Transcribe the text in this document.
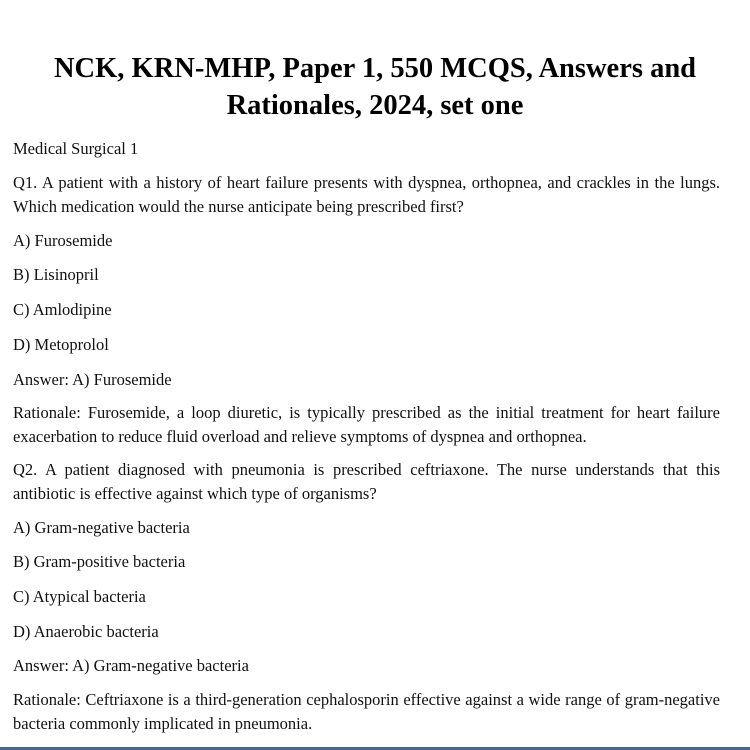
NCK, KRN-MHP, Paper 1, 550 MCQS, Answers and
Rationales, 2024, set one

Medical Surgical 1

Q1. A patient with a history of heart failure presents with dyspnea, orthopnea, and crackles in the lungs. Which medication would the nurse anticipate being prescribed first?

A) Furosemide

B) Lisinopril

C) Amlodipine

D) Metoprolol

Answer: A) Furosemide

Rationale: Furosemide, a loop diuretic, is typically prescribed as the initial treatment for heart failure exacerbation to reduce fluid overload and relieve symptoms of dyspnea and orthopnea.

Q2. A patient diagnosed with pneumonia is prescribed ceftriaxone. The nurse understands that this antibiotic is effective against which type of organisms?

A) Gram-negative bacteria

B) Gram-positive bacteria

C) Atypical bacteria

D) Anaerobic bacteria

Answer: A) Gram-negative bacteria

Rationale: Ceftriaxone is a third-generation cephalosporin effective against a wide range of gram-negative bacteria commonly implicated in pneumonia.
